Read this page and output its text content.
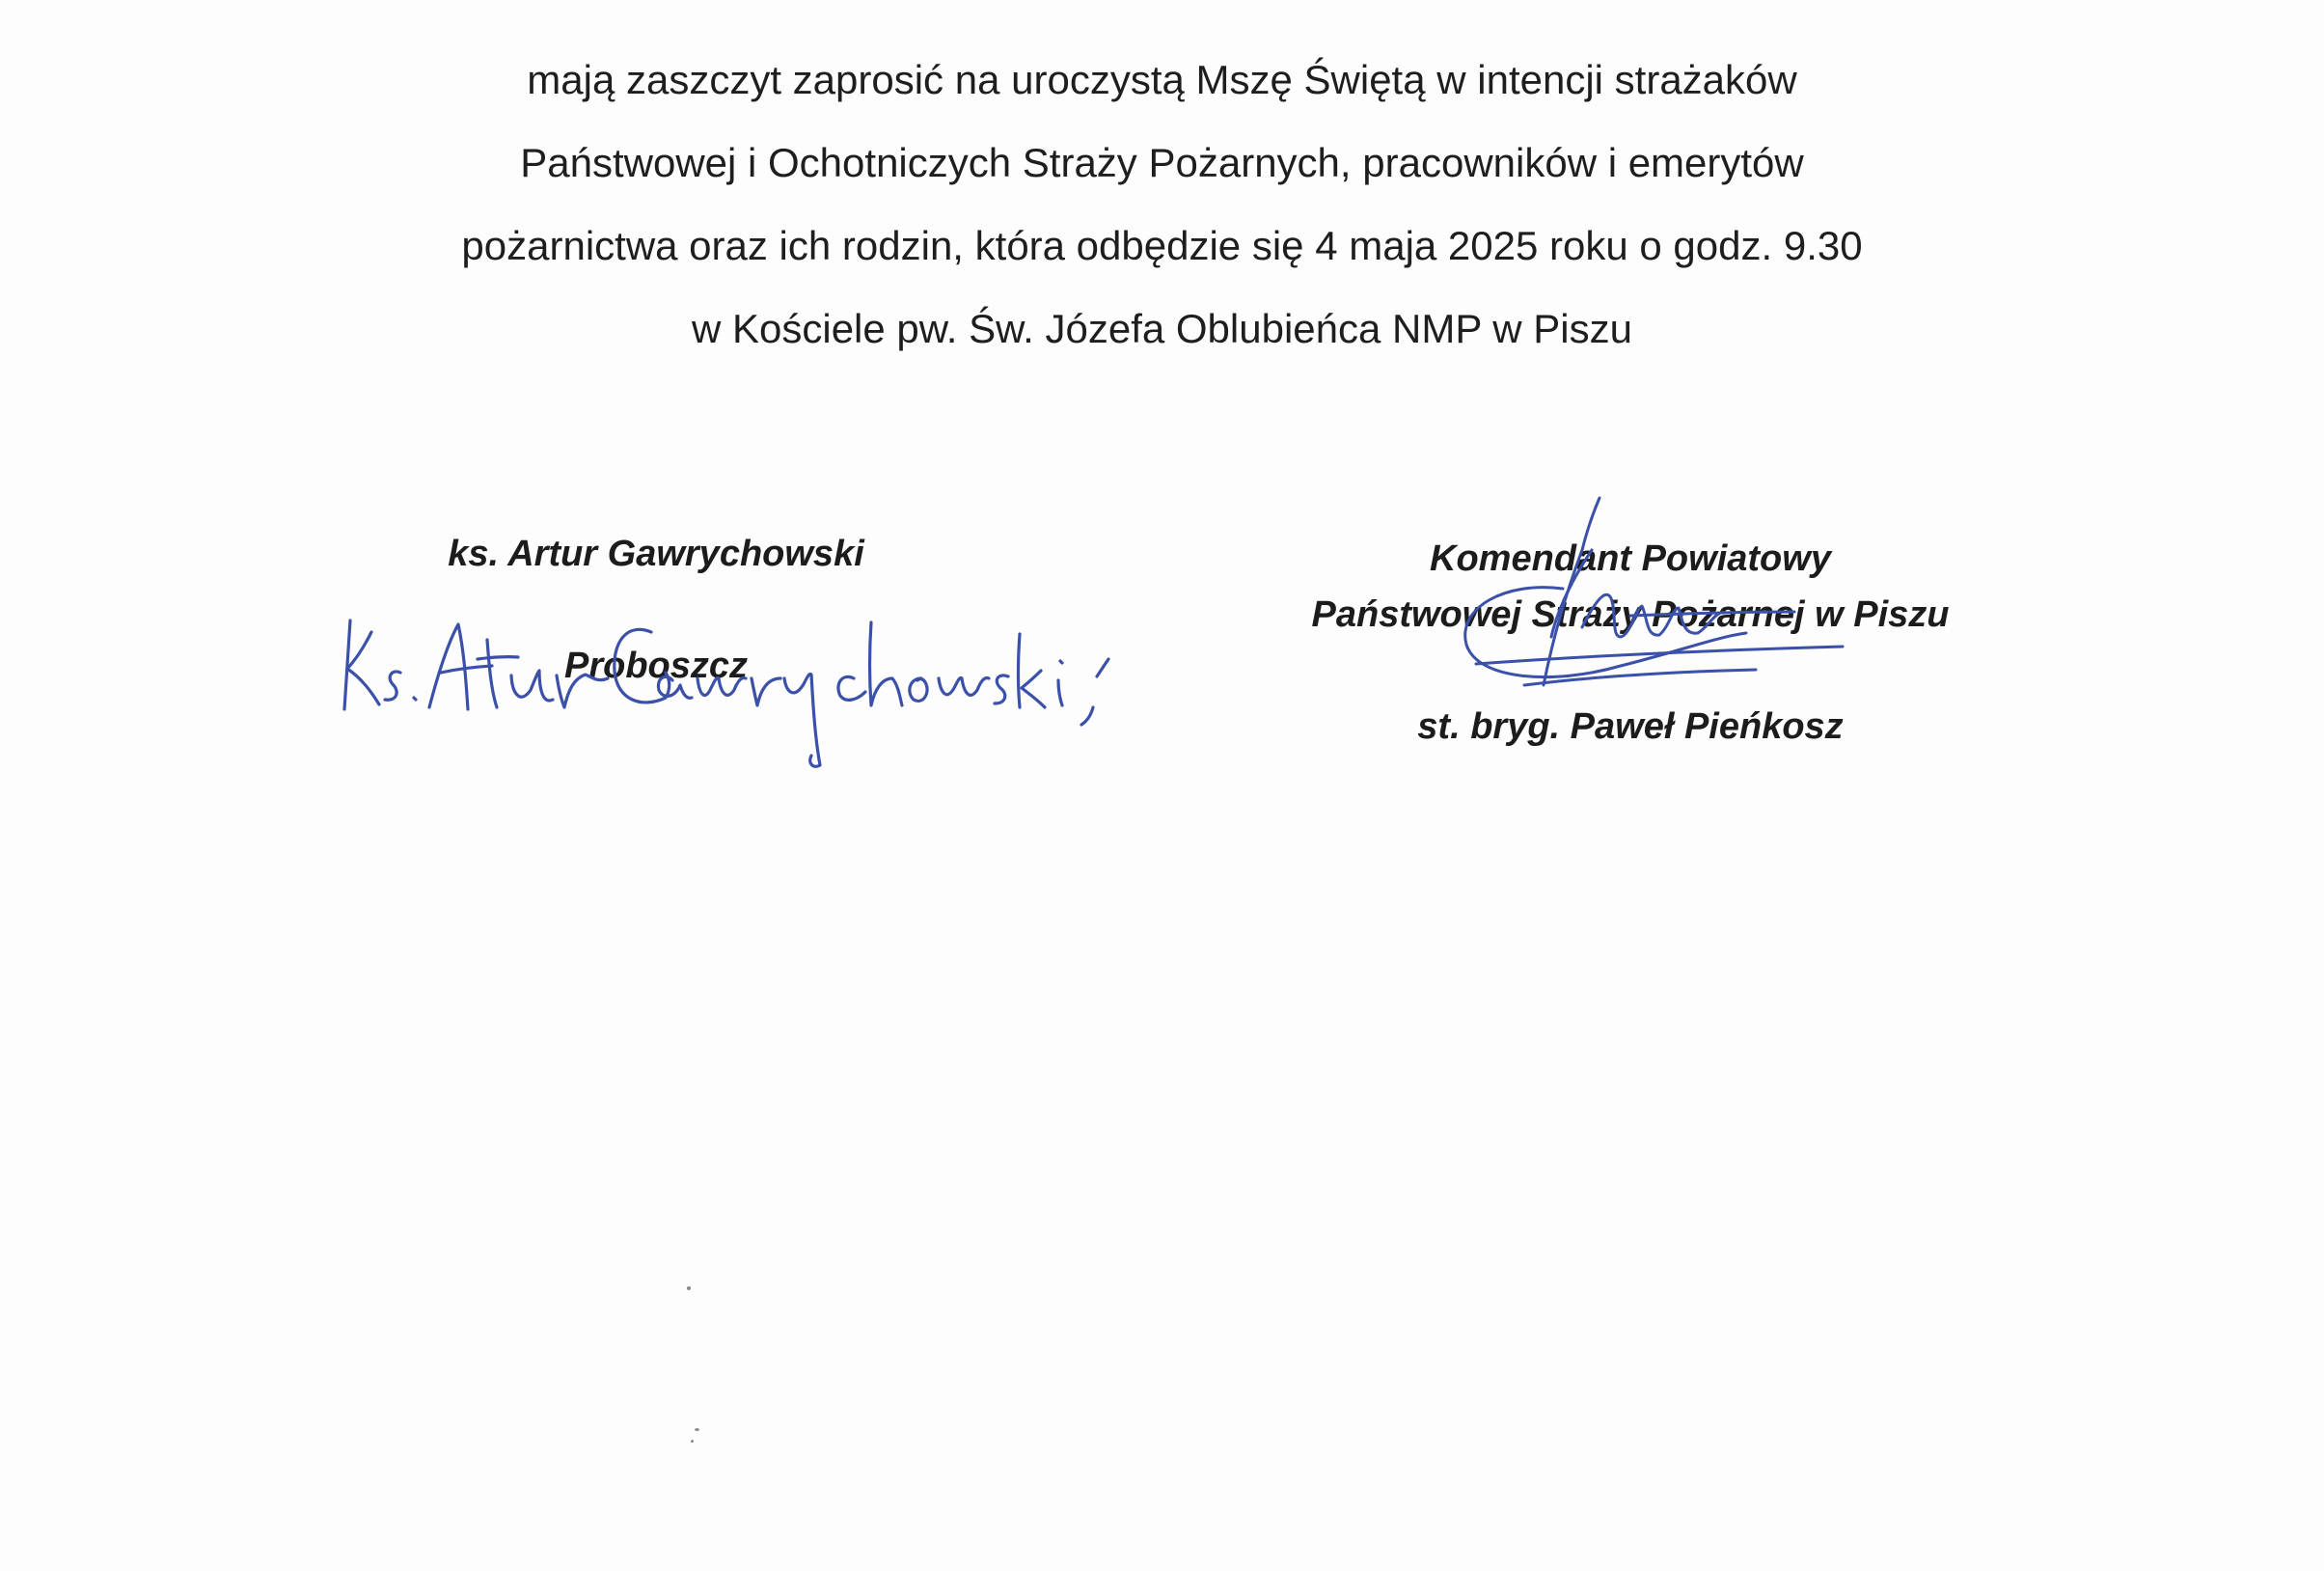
mają zaszczyt zaprosić na uroczystą Mszę Świętą w intencji strażaków
Państwowej i Ochotniczych Straży Pożarnych, pracowników i emerytów
pożarnictwa oraz ich rodzin, która odbędzie się 4 maja 2025 roku o godz. 9.30
w Kościele pw. Św. Józefa Oblubieńca NMP w Piszu
ks. Artur Gawrychowski
Proboszcz
Komendant Powiatowy
Państwowej Straży Pożarnej w Piszu
st. bryg. Paweł Pieńkosz
